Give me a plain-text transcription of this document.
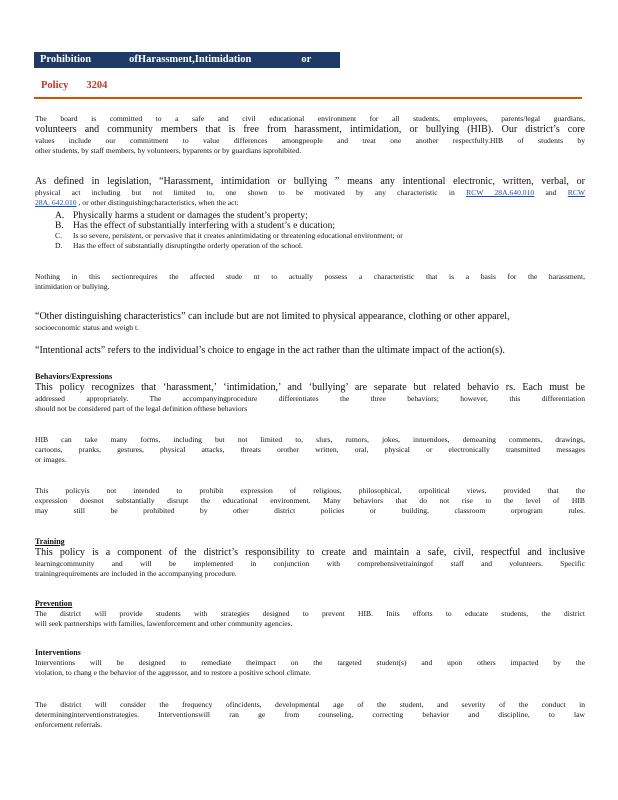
Prohibition	ofHarassment,Intimidation	or Bullying
Policy 3204
The board is committed to a safe and civil educational environment for all students, employees, parents/legal guardians,
volunteers and community members that is free from harassment, intimidation, or bullying (HIB). Our district’s core
values include our commitment to value differences amongpeople and treat one another respectfully.HIB of students by
other students, by staff members, by volunteers, byparents or by guardians isprohibited.
As defined in legislation, “Harassment, intimidation or bullying ” means any intentional electronic, written, verbal, or
physical act including but not limited to, one shown to be motivated by any characteristic in RCW 28A.640.010 and RCW
28A. 642.010 , or other distinguishingcharacteristics, when the act:
A. Physically harms a student or damages the student’s property;
B. Has the effect of substantially interfering with a student’s e ducation;
C. Is so severe, persistent, or pervasive that it creates anintimidating or threatening educational environment; or
D. Has the effect of substantially disruptingthe orderly operation of the school.
Nothing in this sectionrequires the affected stude nt to actually possess a characteristic that is a basis for the harassment,
intimidation or bullying.
“Other distinguishing characteristics” can include but are not limited to physical appearance, clothing or other apparel,
socioeconomic status and weigh t.
“Intentional acts” refers to the individual’s choice to engage in the act rather than the ultimate impact of the action(s).
Behaviors/Expressions
This policy recognizes that ‘harassment,’ ‘intimidation,’ and ‘bullying’ are separate but related behavio rs. Each must be
addressed appropriately. The accompanyingprocedure differentiates the three behaviors; however, this differentiation
should not be considered part of the legal definition ofthese behaviors
HIB can take many forms, including but not limited to, slurs, rumors, jokes, innuendoes, demeaning comments, drawings,
cartoons, pranks, gestures, physical attacks, threats orother written, oral, physical or electronically transmitted messages
or images.
This policyis not intended to prohibit expression of religious, philosophical, orpolitical views, provided that the
expression doesnot substantially disrupt the educational environment. Many behaviors that do not rise to the level of HIB
may still be prohibited by other district policies or building, classroom orprogram rules.
Training
This policy is a component of the district’s responsibility to create and maintain a safe, civil, respectful and inclusive
learningcommunity and will be implemented in conjunction with comprehensivetrainingof staff and volunteers. Specific
trainingrequirements are included in the accompanying procedure.
Prevention
The district will provide students with strategies designed to prevent HIB. Inits efforts to educate students, the district
will seek partnerships with families, lawenforcement and other community agencies.
Interventions
Interventions will be designed to remediate theimpact on the targeted student(s) and upon others impacted by the
violation, to chang e the behavior of the aggressor, and to restore a positive school climate.
The district will consider the frequency ofincidents, developmental age of the student, and severity of the conduct in
determininginterventionstrategies. Interventionswill ran ge from counseling, correcting behavior and discipline, to law
enforcement referrals.
